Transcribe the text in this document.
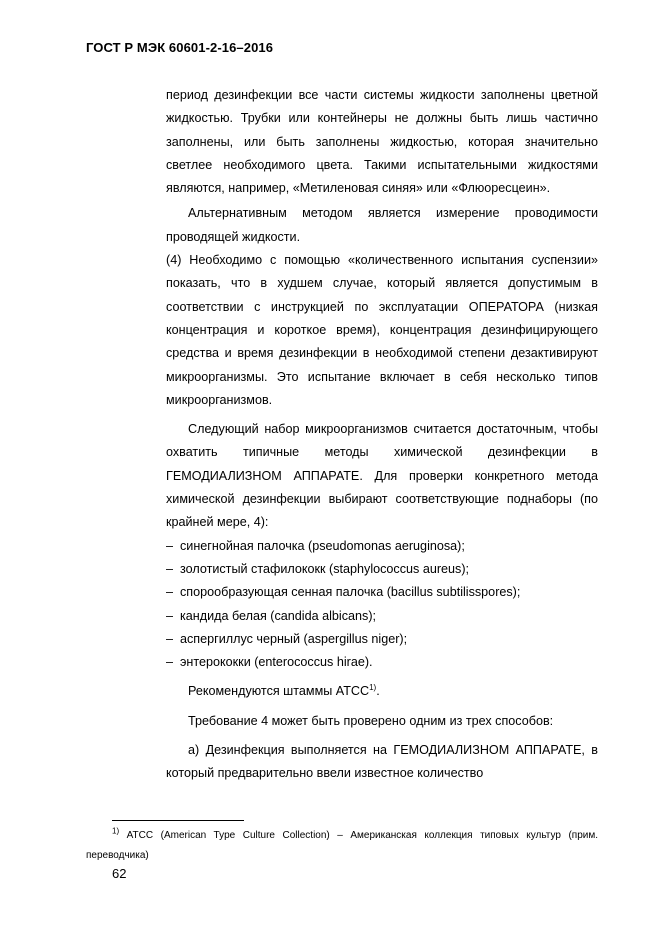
ГОСТ Р МЭК 60601-2-16–2016

период дезинфекции все части системы жидкости заполнены цветной жидкостью. Трубки или контейнеры не должны быть лишь частично заполнены, или быть заполнены жидкостью, которая значительно светлее необходимого цвета. Такими испытательными жидкостями являются, например, «Метиленовая синяя» или «Флюоресцеин».

Альтернативным методом является измерение проводимости проводящей жидкости.

(4) Необходимо с помощью «количественного испытания суспензии» показать, что в худшем случае, который является допустимым в соответствии с инструкцией по эксплуатации ОПЕРАТОРА (низкая концентрация и короткое время), концентрация дезинфицирующего средства и время дезинфекции в необходимой степени дезактивируют микроорганизмы. Это испытание включает в себя несколько типов микроорганизмов.

Следующий набор микроорганизмов считается достаточным, чтобы охватить типичные методы химической дезинфекции в ГЕМОДИАЛИЗНОМ АППАРАТЕ. Для проверки конкретного метода химической дезинфекции выбирают соответствующие поднаборы (по крайней мере, 4):

– синегнойная палочка (pseudomonas aeruginosa);
– золотистый стафилококк (staphylococcus aureus);
– спорообразующая сенная палочка (bacillus subtilisspores);
– кандида белая (candida albicans);
– аспергиллус черный (aspergillus niger);
– энтерококки (enterococcus hirae).

Рекомендуются штаммы АТСС$^{1)}$.

Требование 4 может быть проверено одним из трех способов:

а) Дезинфекция выполняется на ГЕМОДИАЛИЗНОМ АППАРАТЕ, в который предварительно ввели известное количество

$^{1)}$ АТСС (American Type Culture Collection) – Американская коллекция типовых культур (прим. переводчика)
62
